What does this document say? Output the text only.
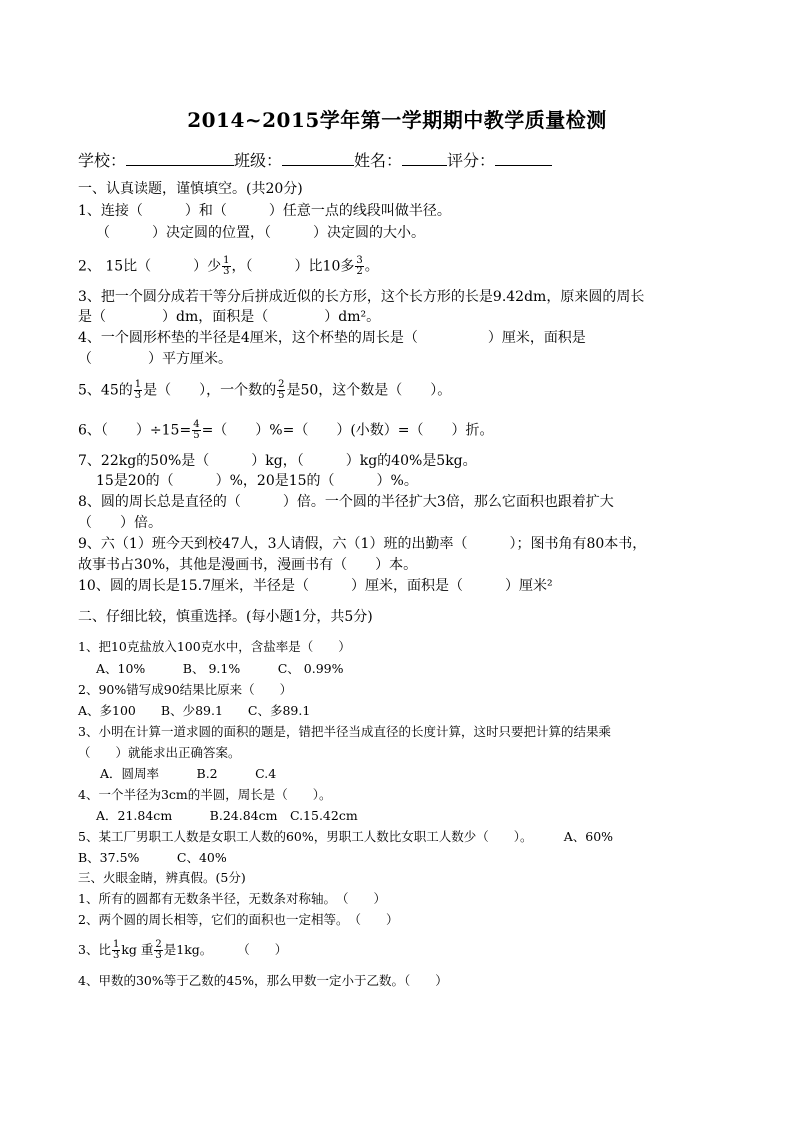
2014~2015学年第一学期期中教学质量检测
学校：	班级：	姓名：	评分：
一、认真读题，谨慎填空。(共20分)
1、连接（　　　）和（　　　）任意一点的线段叫做半径。
（　　　）决定圆的位置，（　　　）决定圆的大小。
2、 15比（　　　）少 $\frac{1}{3}$ ，（　　　）比10多 $\frac{3}{2}$ 。
3、把一个圆分成若干等分后拼成近似的长方形，这个长方形的长是9.42dm，原来圆的周长
是（　　　　）dm，面积是（　　　　）dm²。
4、一个圆形杯垫的半径是4厘米，这个杯垫的周长是（　　　　　）厘米，面积是
（　　　　）平方厘米。
5、45的 $\frac{1}{3}$ 是（　　），一个数的 $\frac{2}{5}$ 是50，这个数是（　　）。
6、（　　）$\div 15= \frac{4}{5}$ =（　　）%=（　　）(小数）=（　　）折。
7、22kg的50%是（　　　）kg，（　　　）kg的40%是5kg。
15是20的（　　　）%，20是15的（　　　）%。
8、圆的周长总是直径的（　　　）倍。一个圆的半径扩大3倍，那么它面积也跟着扩大
（　　）倍。
9、六（1）班今天到校47人，3人请假，六（1）班的出勤率（　　　）；图书角有80本书，
故事书占30%，其他是漫画书，漫画书有（　　）本。
10、圆的周长是15.7厘米，半径是（　　　）厘米，面积是（　　　）厘米²
二、仔细比较，慎重选择。(每小题1分，共5分)
1、把10克盐放入100克水中，含盐率是（　　）
A、10%　　　B、 9.1%　　　C、 0.99%
2、90%错写成90结果比原来（　　）
A、多100　　B、少89.1　　C、多89.1
3、小明在计算一道求圆的面积的题是，错把半径当成直径的长度计算，这时只要把计算的结果乘
（　　）就能求出正确答案。
A．圆周率　　　B.2　　　C.4
4、一个半径为3cm的半圆，周长是（　　）。
A．21.84cm　　　B.24.84cm　C.15.42cm
5、某工厂男职工人数是女职工人数的60%，男职工人数比女职工人数少（　　）。　　　A、60%
B、37.5%　　　C、40%
三、火眼金睛，辨真假。(5分)
1、所有的圆都有无数条半径，无数条对称轴。　（　　）
2、两个圆的周长相等，它们的面积也一定相等。　（　　）
3、比 $\frac{1}{3}$ kg 重 $\frac{2}{3}$ 是1kg。　　　（　　）
4、甲数的30%等于乙数的45%，那么甲数一定小于乙数。（　　）
